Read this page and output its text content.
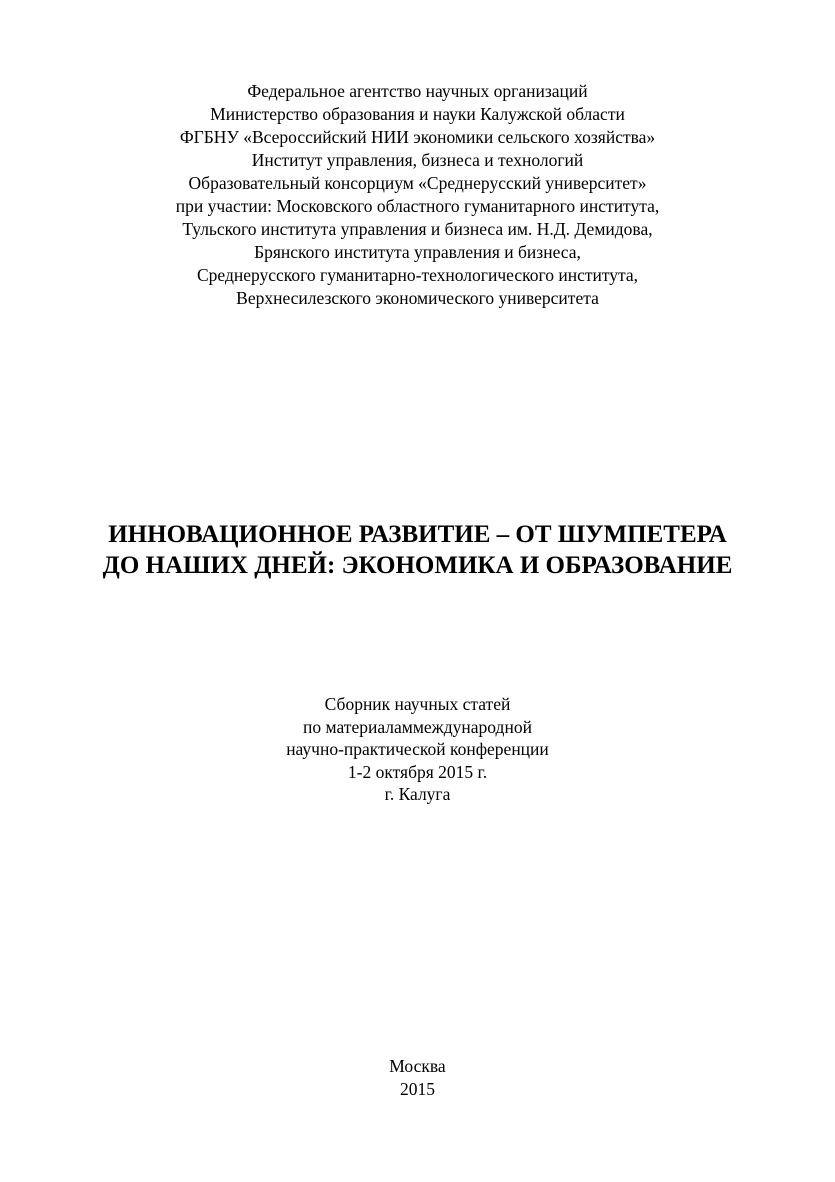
Федеральное агентство научных организаций
Министерство образования и науки Калужской области
ФГБНУ «Всероссийский НИИ экономики сельского хозяйства»
Институт управления, бизнеса и технологий
Образовательный консорциум «Среднерусский университет»
при участии: Московского областного гуманитарного института,
Тульского института управления и бизнеса им. Н.Д. Демидова,
Брянского института управления и бизнеса,
Среднерусского гуманитарно-технологического института,
Верхнесилезского экономического университета
ИННОВАЦИОННОЕ РАЗВИТИЕ – ОТ ШУМПЕТЕРА
ДО НАШИХ ДНЕЙ: ЭКОНОМИКА И ОБРАЗОВАНИЕ
Сборник научных статей
по материаламмеждународной
научно-практической конференции
1-2 октября 2015 г.
г. Калуга
Москва
2015
